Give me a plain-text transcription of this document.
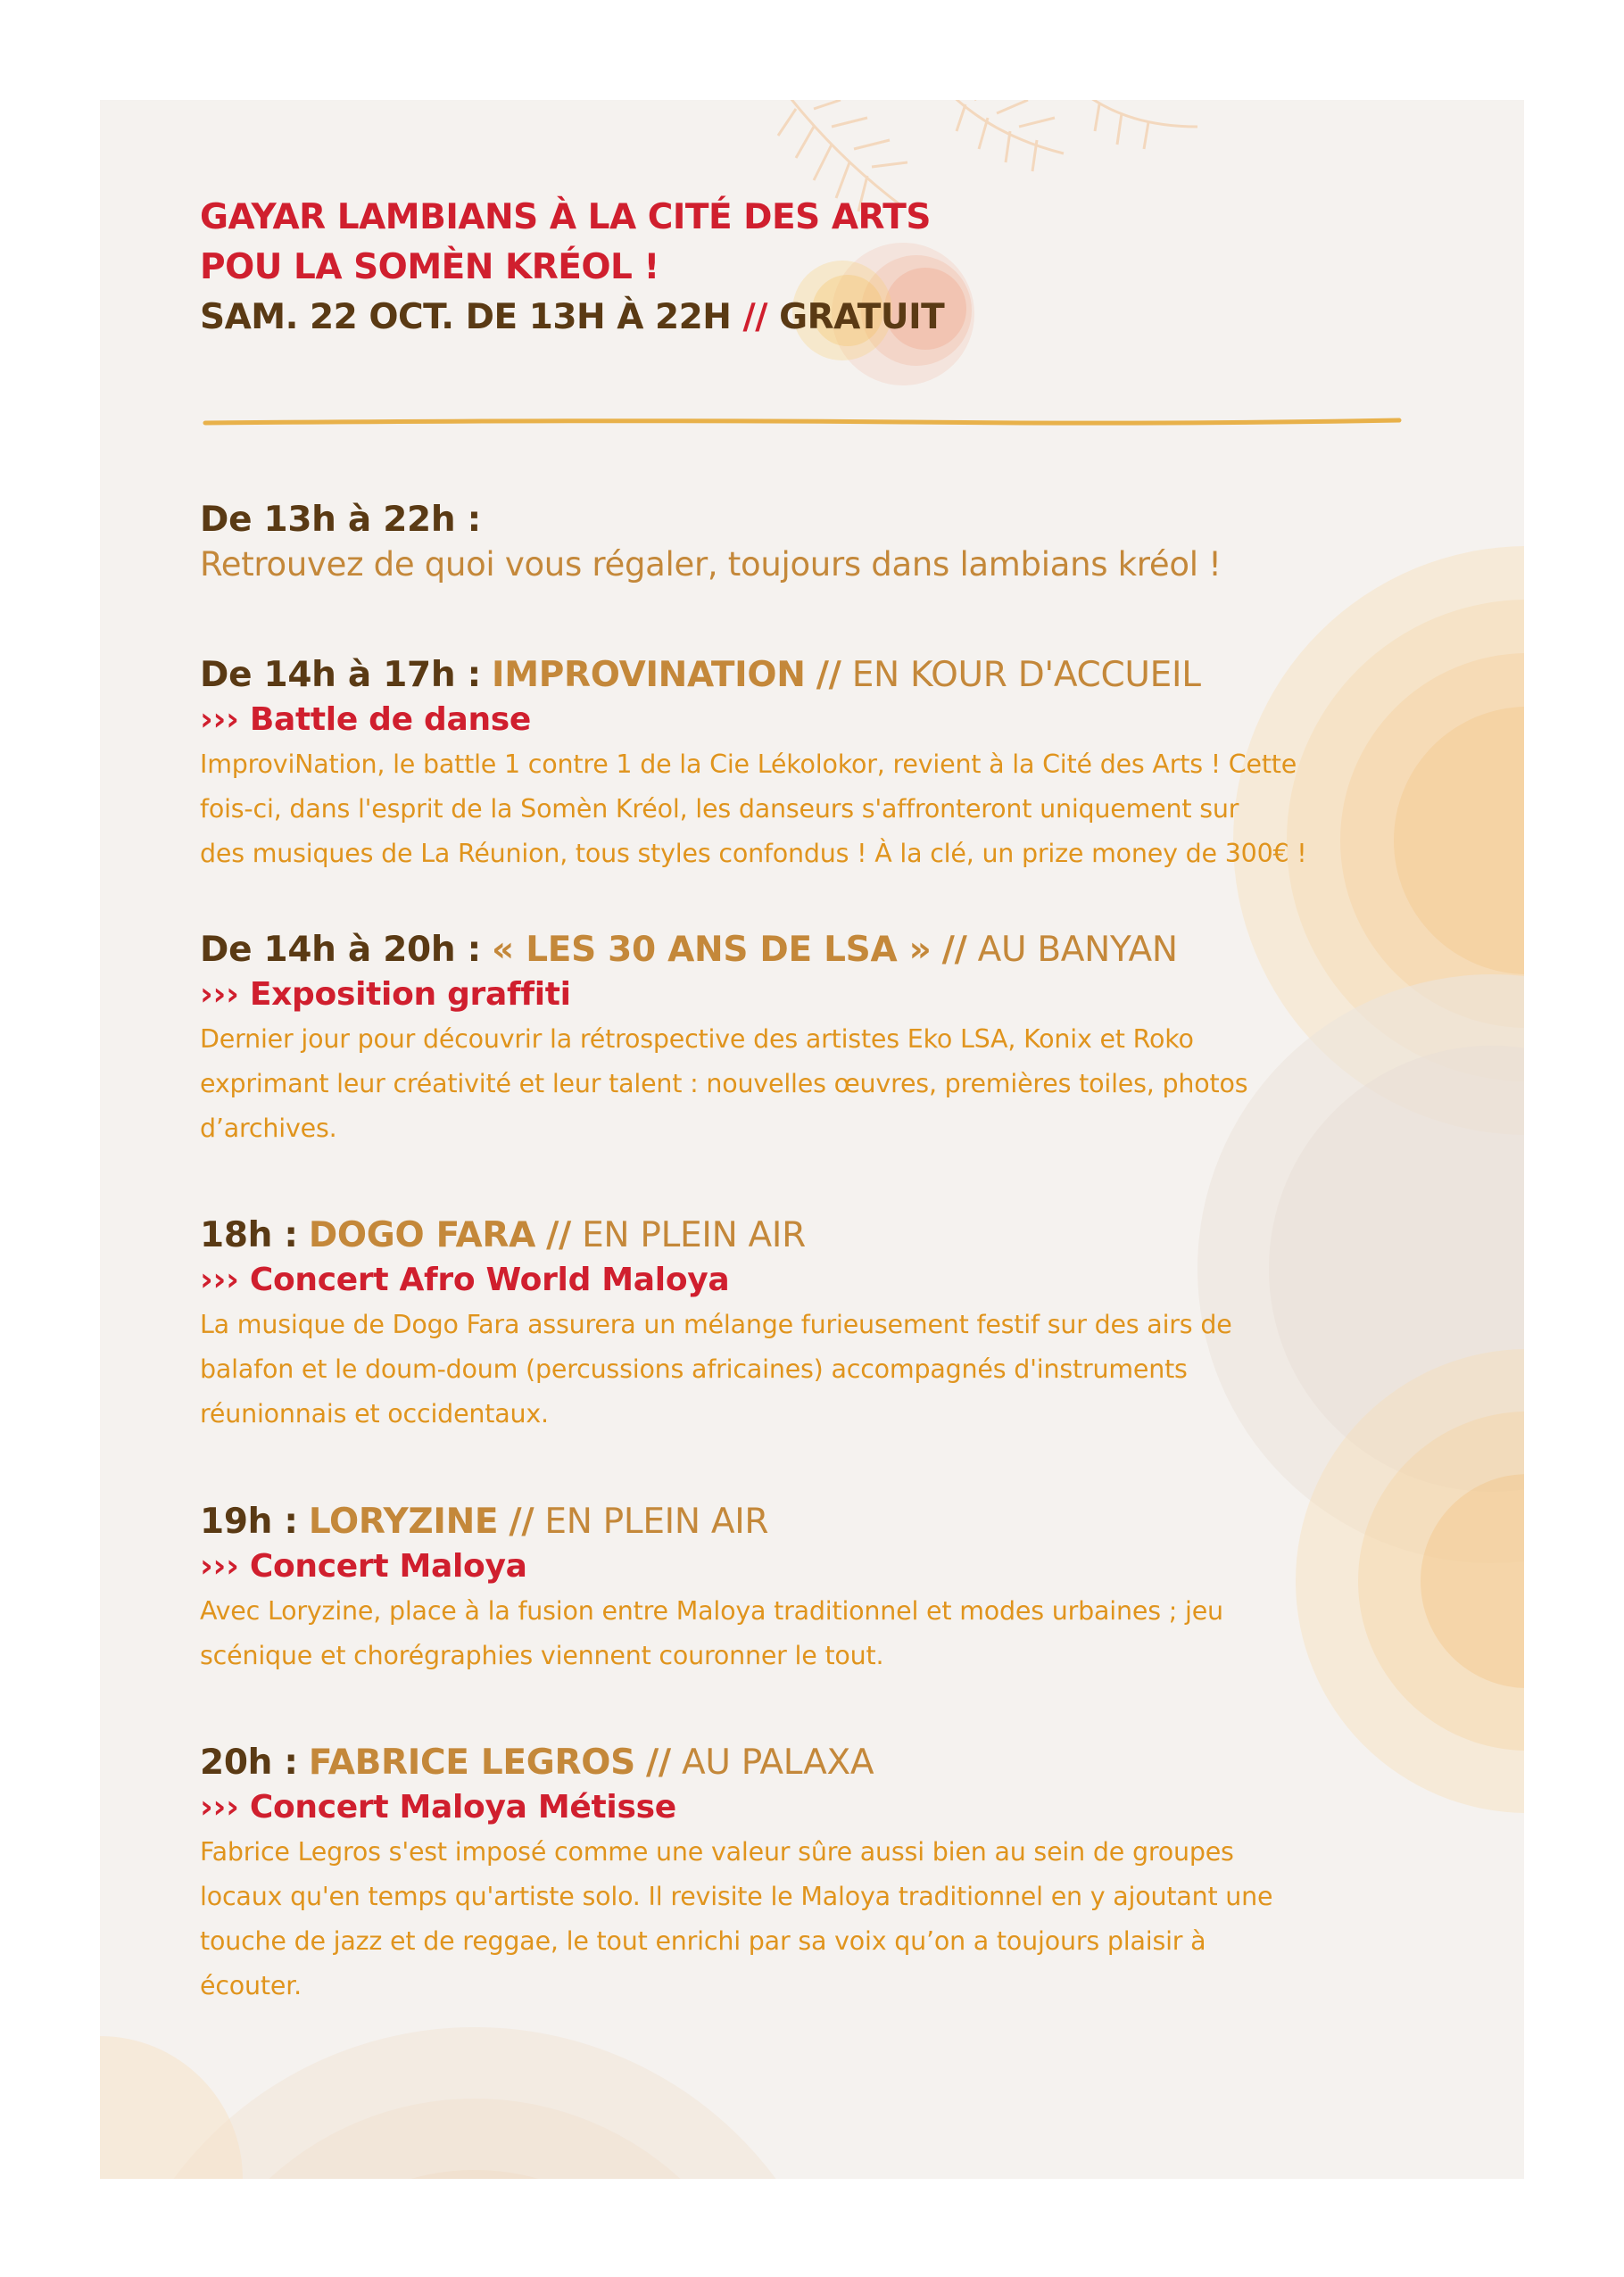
GAYAR LAMBIANS À LA CITÉ DES ARTS
POU LA SOMÈN KRÉOL !
SAM. 22 OCT. DE 13H À 22H // GRATUIT
De 13h à 22h :
Retrouvez de quoi vous régaler, toujours dans lambians kréol !
De 14h à 17h : IMPROVINATION // EN KOUR D'ACCUEIL
››› Battle de danse
ImproviNation, le battle 1 contre 1 de la Cie Lékolokor, revient à la Cité des Arts ! Cette
fois-ci, dans l'esprit de la Somèn Kréol, les danseurs s'affronteront uniquement sur
des musiques de La Réunion, tous styles confondus ! À la clé, un prize money de 300€ !
De 14h à 20h : « LES 30 ANS DE LSA » // AU BANYAN
››› Exposition graffiti
Dernier jour pour découvrir la rétrospective des artistes Eko LSA, Konix et Roko
exprimant leur créativité et leur talent : nouvelles œuvres, premières toiles, photos
d’archives.
18h : DOGO FARA // EN PLEIN AIR
››› Concert Afro World Maloya
La musique de Dogo Fara assurera un mélange furieusement festif sur des airs de
balafon et le doum-doum (percussions africaines) accompagnés d'instruments
réunionnais et occidentaux.
19h : LORYZINE // EN PLEIN AIR
››› Concert Maloya
Avec Loryzine, place à la fusion entre Maloya traditionnel et modes urbaines ; jeu
scénique et chorégraphies viennent couronner le tout.
20h : FABRICE LEGROS // AU PALAXA
››› Concert Maloya Métisse
Fabrice Legros s'est imposé comme une valeur sûre aussi bien au sein de groupes
locaux qu'en temps qu'artiste solo. Il revisite le Maloya traditionnel en y ajoutant une
touche de jazz et de reggae, le tout enrichi par sa voix qu’on a toujours plaisir à
écouter.
